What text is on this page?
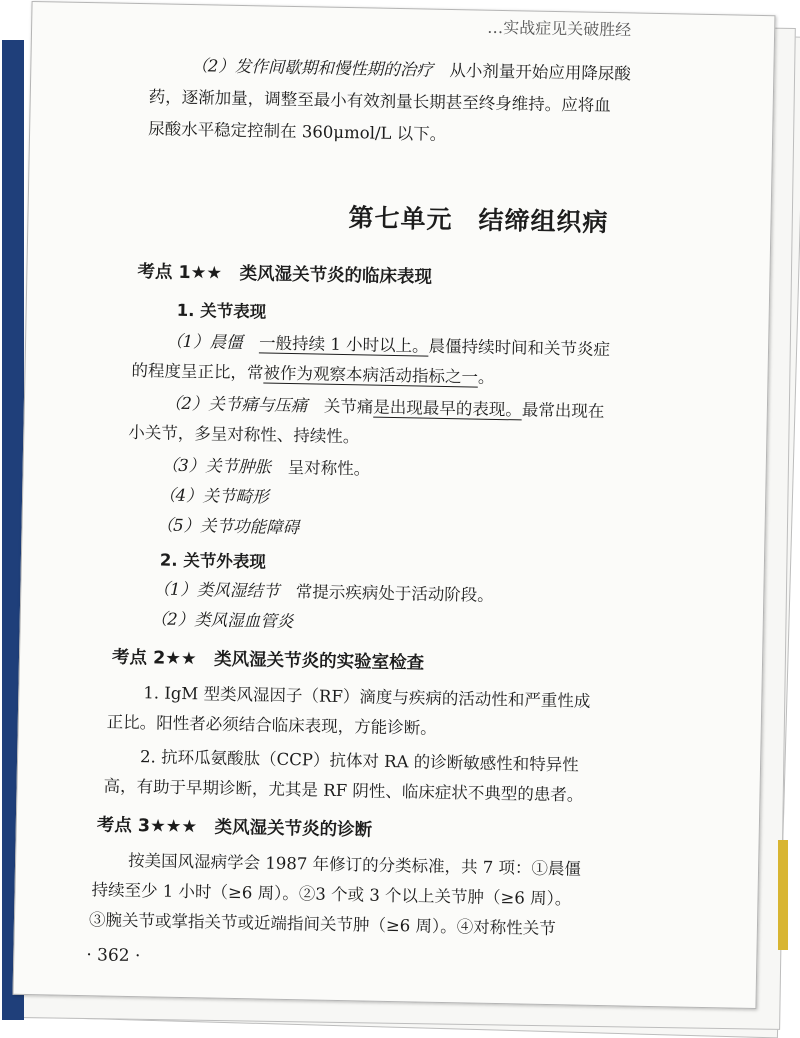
…实战症见关破胜经
（2）发作间歇期和慢性期的治疗　 从小剂量开始应用降尿酸
药，逐渐加量，调整至最小有效剂量长期甚至终身维持。应将血
尿酸水平稳定控制在 360μmol/L 以下。
第七单元　结缔组织病
考点 1★★　类风湿关节炎的临床表现
1. 关节表现
（1）晨僵　 一般持续 1 小时以上。晨僵持续时间和关节炎症
的程度呈正比，常被作为观察本病活动指标之一。
（2）关节痛与压痛　 关节痛是出现最早的表现。最常出现在
小关节，多呈对称性、持续性。
（3）关节肿胀　 呈对称性。
（4）关节畸形
（5）关节功能障碍
2. 关节外表现
（1）类风湿结节　 常提示疾病处于活动阶段。
（2）类风湿血管炎
考点 2★★　类风湿关节炎的实验室检查
1. IgM 型类风湿因子（RF）滴度与疾病的活动性和严重性成
正比。阳性者必须结合临床表现，方能诊断。
2. 抗环瓜氨酸肽（CCP）抗体对 RA 的诊断敏感性和特异性
高，有助于早期诊断，尤其是 RF 阴性、临床症状不典型的患者。
考点 3★★★　类风湿关节炎的诊断
按美国风湿病学会 1987 年修订的分类标准，共 7 项：①晨僵
持续至少 1 小时（≥6 周）。②3 个或 3 个以上关节肿（≥6 周）。
③腕关节或掌指关节或近端指间关节肿（≥6 周）。④对称性关节
· 362 ·
